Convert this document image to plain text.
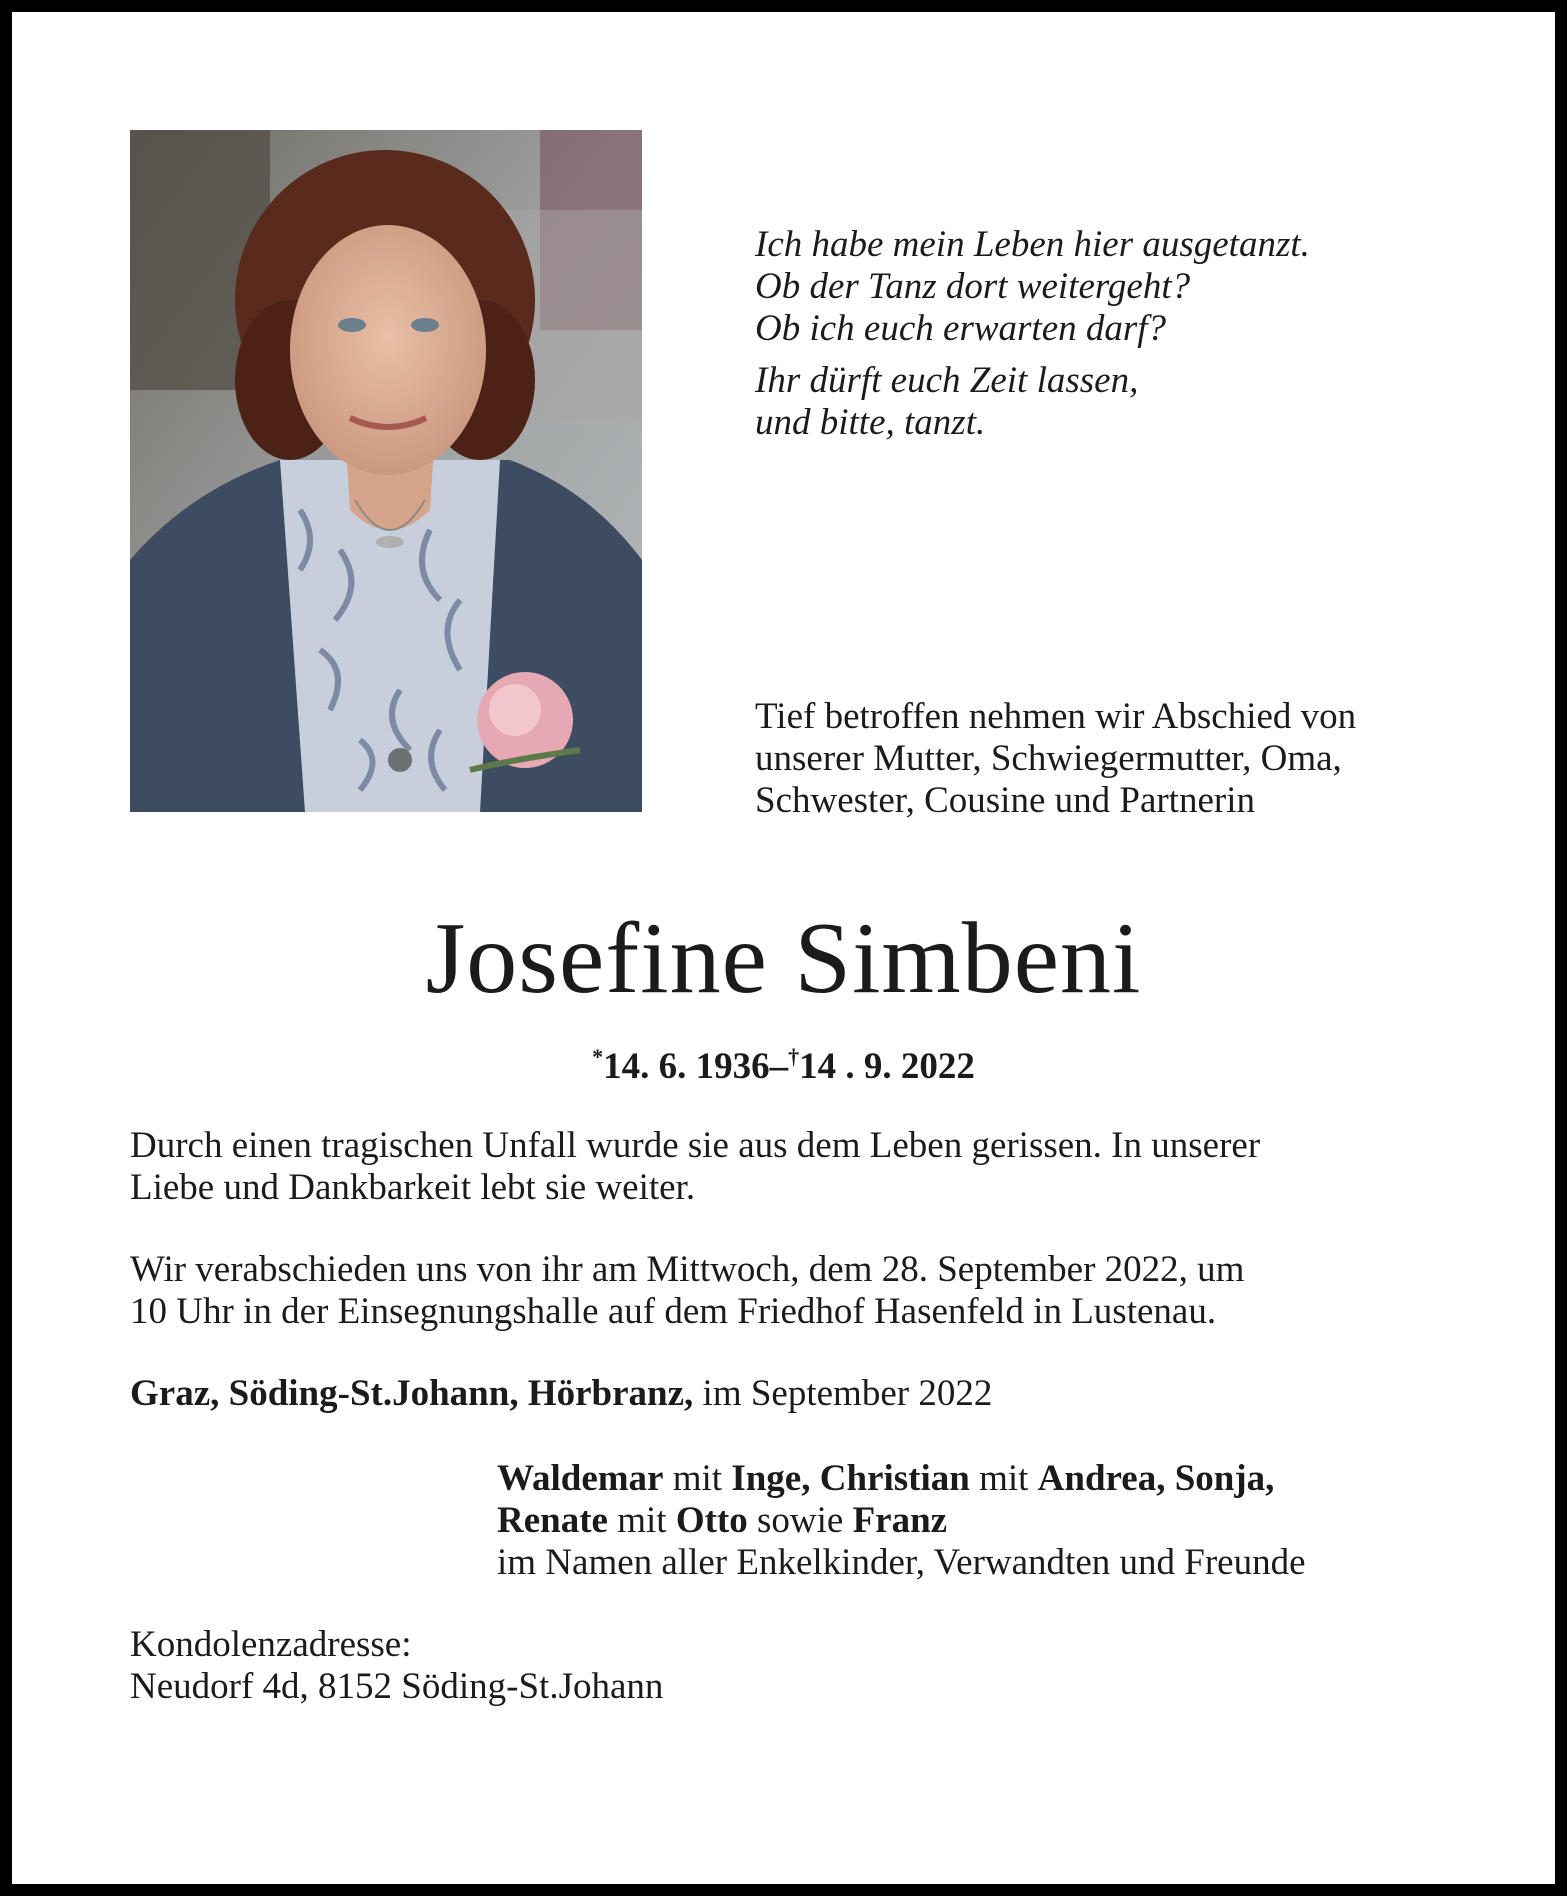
Ich habe mein Leben hier ausgetanzt.
Ob der Tanz dort weitergeht?
Ob ich euch erwarten darf?
Ihr dürft euch Zeit lassen,
und bitte, tanzt.
Tief betroffen nehmen wir Abschied von
unserer Mutter, Schwiegermutter, Oma,
Schwester, Cousine und Partnerin
Josefine Simbeni
*14. 6. 1936–†14 . 9. 2022
Durch einen tragischen Unfall wurde sie aus dem Leben gerissen. In unserer
Liebe und Dankbarkeit lebt sie weiter.
Wir verabschieden uns von ihr am Mittwoch, dem 28. September 2022, um
10 Uhr in der Einsegnungshalle auf dem Friedhof Hasenfeld in Lustenau.
Graz, Söding-St.Johann, Hörbranz, im September 2022
Waldemar mit Inge, Christian mit Andrea, Sonja,
Renate mit Otto sowie Franz
im Namen aller Enkelkinder, Verwandten und Freunde
Kondolenzadresse:
Neudorf 4d, 8152 Söding-St.Johann
